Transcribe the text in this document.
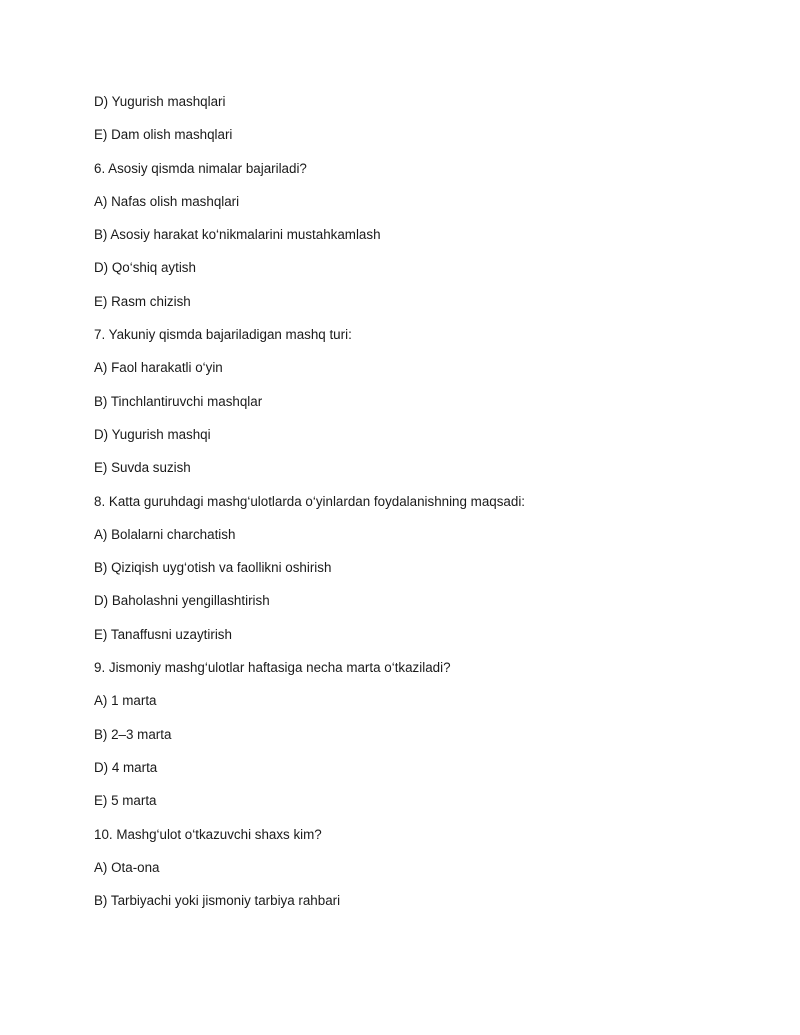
D) Yugurish mashqlari
E) Dam olish mashqlari
6. Asosiy qismda nimalar bajariladi?
A) Nafas olish mashqlari
B) Asosiy harakat ko‘nikmalarini mustahkamlash
D) Qo‘shiq aytish
E) Rasm chizish
7. Yakuniy qismda bajariladigan mashq turi:
A) Faol harakatli o‘yin
B) Tinchlantiruvchi mashqlar
D) Yugurish mashqi
E) Suvda suzish
8. Katta guruhdagi mashg‘ulotlarda o‘yinlardan foydalanishning maqsadi:
A) Bolalarni charchatish
B) Qiziqish uyg‘otish va faollikni oshirish
D) Baholashni yengillashtirish
E) Tanaffusni uzaytirish
9. Jismoniy mashg‘ulotlar haftasiga necha marta o‘tkaziladi?
A) 1 marta
B) 2–3 marta
D) 4 marta
E) 5 marta
10. Mashg‘ulot o‘tkazuvchi shaxs kim?
A) Ota-ona
B) Tarbiyachi yoki jismoniy tarbiya rahbari
